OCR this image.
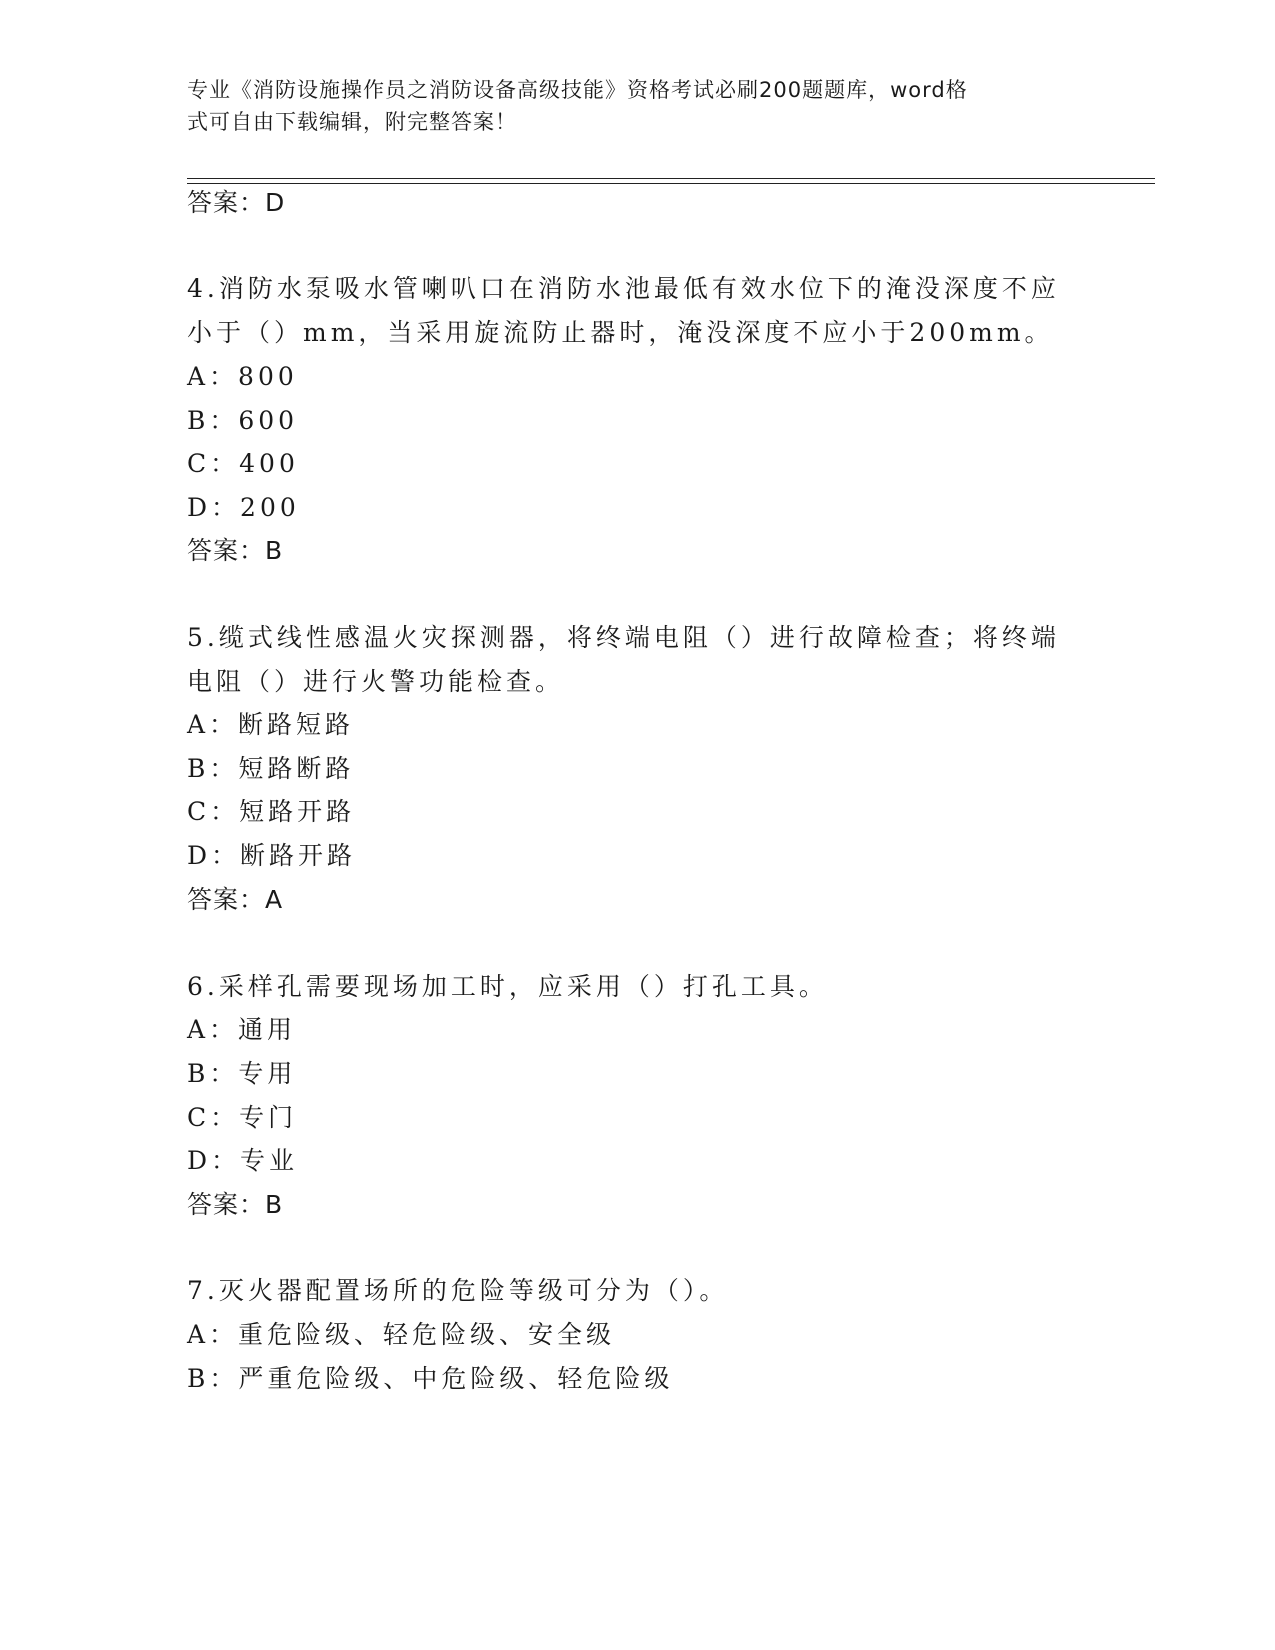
专业《消防设施操作员之消防设备高级技能》资格考试必刷200题题库，word格
式可自由下载编辑，附完整答案！
答案：D
4.消防水泵吸水管喇叭口在消防水池最低有效水位下的淹没深度不应
小于（）mm，当采用旋流防止器时，淹没深度不应小于200mm。
A：800
B：600
C：400
D：200
答案：B
5.缆式线性感温火灾探测器，将终端电阻（）进行故障检查；将终端
电阻（）进行火警功能检查。
A：断路短路
B：短路断路
C：短路开路
D：断路开路
答案：A
6.采样孔需要现场加工时，应采用（）打孔工具。
A：通用
B：专用
C：专门
D：专业
答案：B
7.灭火器配置场所的危险等级可分为（）。
A：重危险级、轻危险级、安全级
B：严重危险级、中危险级、轻危险级
